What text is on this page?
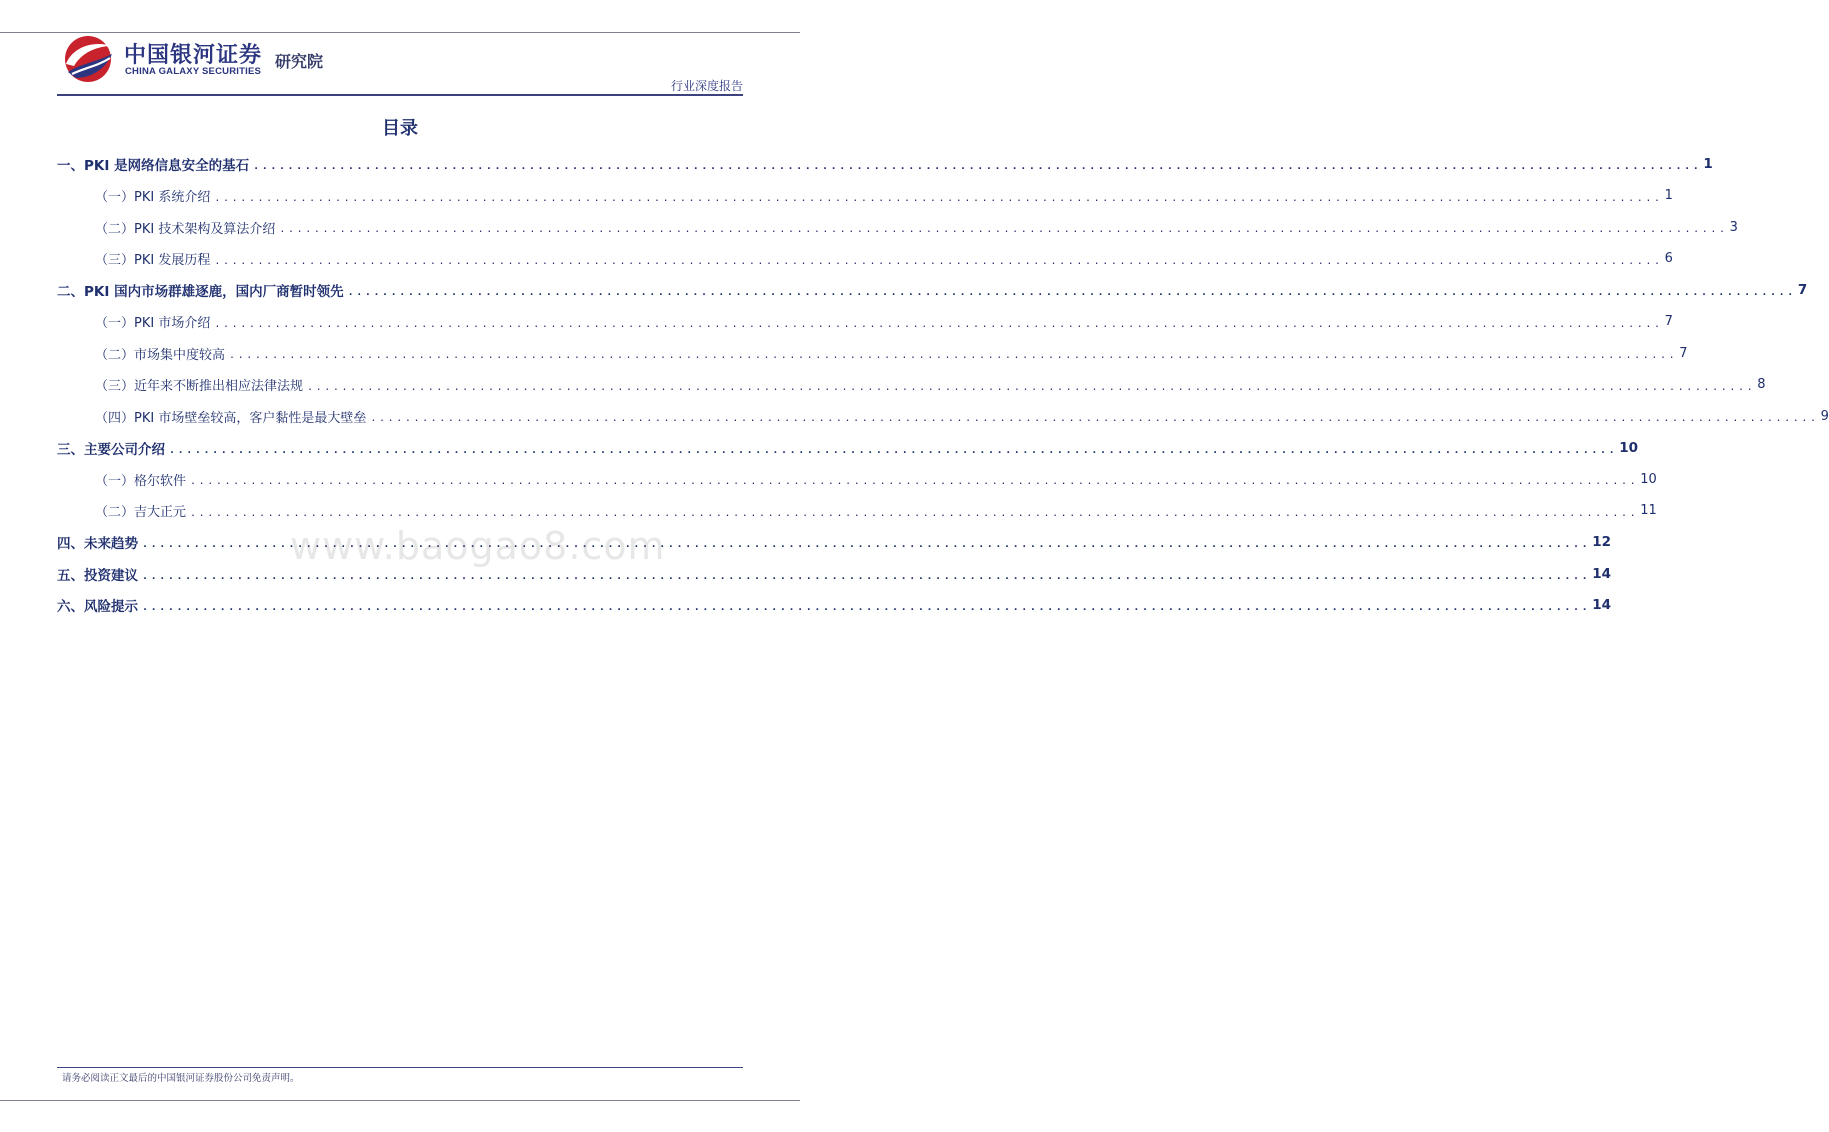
中国银河证券
CHINA GALAXY SECURITIES
研究院
行业深度报告
目录
一、PKI 是网络信息安全的基石 ........................................................................................................................................................................ 1
（一）PKI 系统介绍 ........................................................................................................................................................................ 1
（二）PKI 技术架构及算法介绍 ........................................................................................................................................................................ 3
（三）PKI 发展历程 ........................................................................................................................................................................ 6
二、PKI 国内市场群雄逐鹿，国内厂商暂时领先 ........................................................................................................................................................................ 7
（一）PKI 市场介绍 ........................................................................................................................................................................ 7
（二）市场集中度较高 ........................................................................................................................................................................ 7
（三）近年来不断推出相应法律法规 ........................................................................................................................................................................ 8
（四）PKI 市场壁垒较高，客户黏性是最大壁垒 ........................................................................................................................................................................ 9
三、主要公司介绍 ........................................................................................................................................................................ 10
（一）格尔软件 ........................................................................................................................................................................ 10
（二）吉大正元 ........................................................................................................................................................................ 11
四、未来趋势 ........................................................................................................................................................................ 12
五、投资建议 ........................................................................................................................................................................ 14
六、风险提示 ........................................................................................................................................................................ 14
www.baogao8.com
请务必阅读正文最后的中国银河证券股份公司免责声明。
